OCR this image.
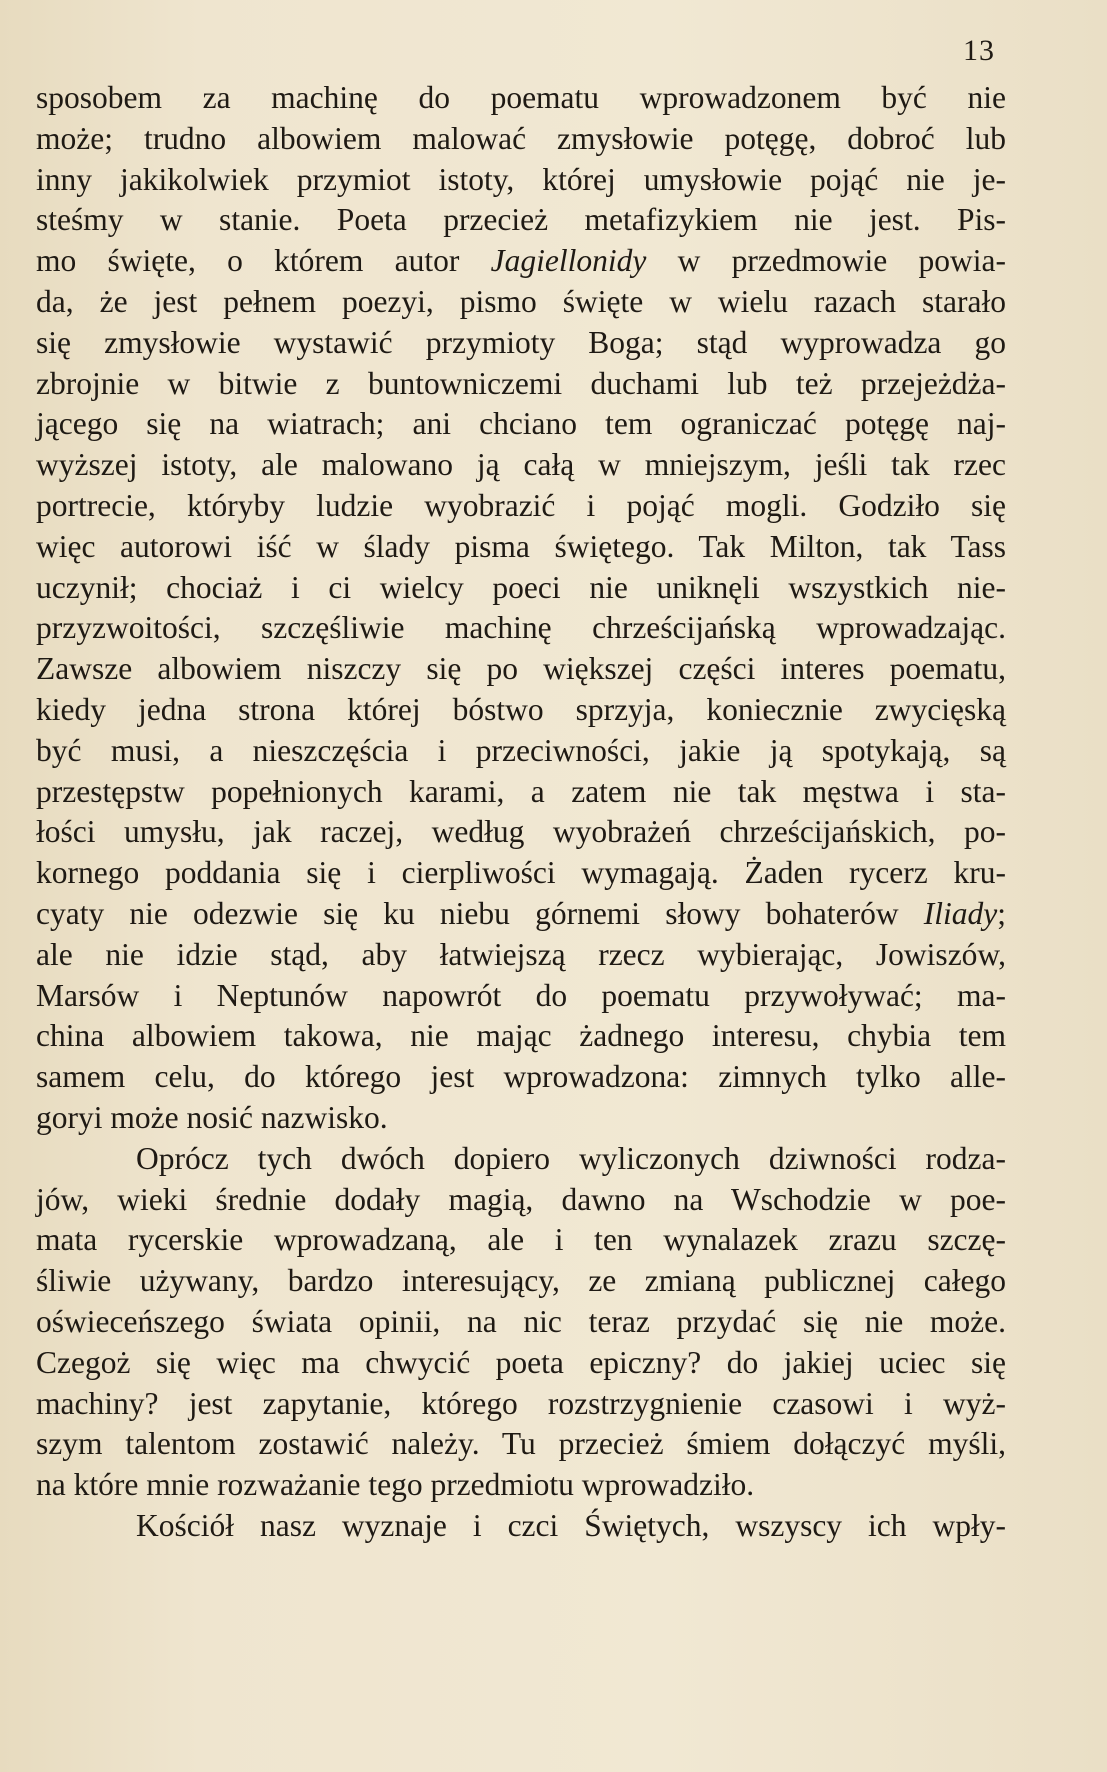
13
sposobem za machinę do poematu wprowadzonem być nie
może; trudno albowiem malować zmysłowie potęgę, dobroć lub
inny jakikolwiek przymiot istoty, której umysłowie pojąć nie je-
steśmy w stanie. Poeta przecież metafizykiem nie jest. Pis-
mo święte, o którem autor Jagiellonidy w przedmowie powia-
da, że jest pełnem poezyi, pismo święte w wielu razach starało
się zmysłowie wystawić przymioty Boga; stąd wyprowadza go
zbrojnie w bitwie z buntowniczemi duchami lub też przejeżdża-
jącego się na wiatrach; ani chciano tem ograniczać potęgę naj-
wyższej istoty, ale malowano ją całą w mniejszym, jeśli tak rzec
portrecie, któryby ludzie wyobrazić i pojąć mogli. Godziło się
więc autorowi iść w ślady pisma świętego. Tak Milton, tak Tass
uczynił; chociaż i ci wielcy poeci nie uniknęli wszystkich nie-
przyzwoitości, szczęśliwie machinę chrześcijańską wprowadzając.
Zawsze albowiem niszczy się po większej części interes poematu,
kiedy jedna strona której bóstwo sprzyja, koniecznie zwycięską
być musi, a nieszczęścia i przeciwności, jakie ją spotykają, są
przestępstw popełnionych karami, a zatem nie tak męstwa i sta-
łości umysłu, jak raczej, według wyobrażeń chrześcijańskich, po-
kornego poddania się i cierpliwości wymagają. Żaden rycerz kru-
cyaty nie odezwie się ku niebu górnemi słowy bohaterów Iliady;
ale nie idzie stąd, aby łatwiejszą rzecz wybierając, Jowiszów,
Marsów i Neptunów napowrót do poematu przywoływać; ma-
china albowiem takowa, nie mając żadnego interesu, chybia tem
samem celu, do którego jest wprowadzona: zimnych tylko alle-
goryi może nosić nazwisko.
Oprócz tych dwóch dopiero wyliczonych dziwności rodza-
jów, wieki średnie dodały magią, dawno na Wschodzie w poe-
mata rycerskie wprowadzaną, ale i ten wynalazek zrazu szczę-
śliwie używany, bardzo interesujący, ze zmianą publicznej całego
oświeceńszego świata opinii, na nic teraz przydać się nie może.
Czegoż się więc ma chwycić poeta epiczny? do jakiej uciec się
machiny? jest zapytanie, którego rozstrzygnienie czasowi i wyż-
szym talentom zostawić należy. Tu przecież śmiem dołączyć myśli,
na które mnie rozważanie tego przedmiotu wprowadziło.
Kościół nasz wyznaje i czci Świętych, wszyscy ich wpły-
